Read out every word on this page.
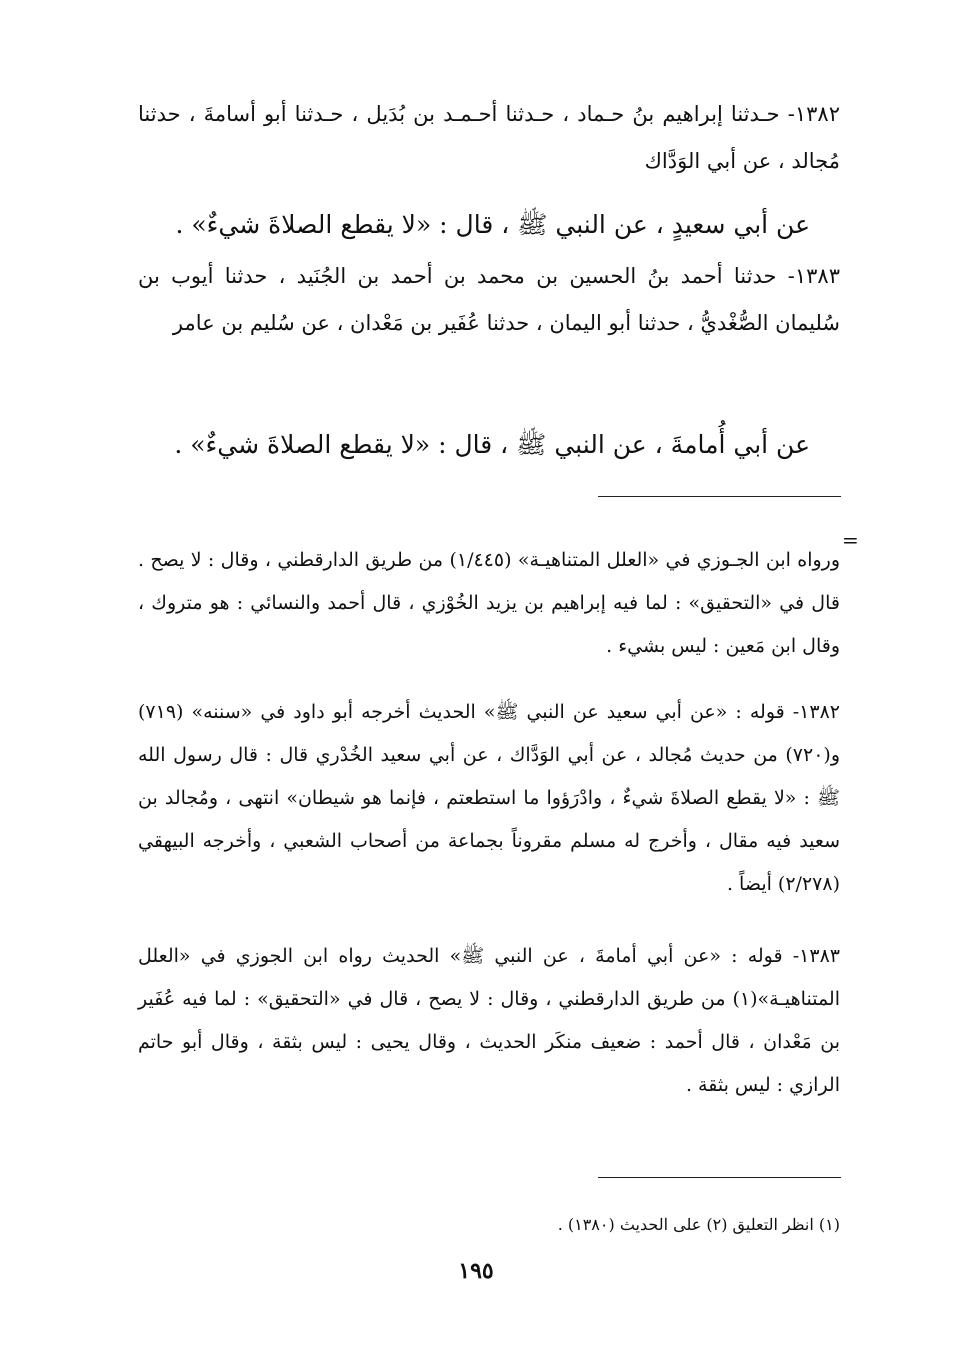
١٣٨٢- حـدثنا إبراهيم بنُ حـماد ، حـدثنا أحـمـد بن بُدَيل ، حـدثنا أبو أسامةَ ، حدثنا مُجالد ، عن أبي الوَدَّاك

عن أبي سعيدٍ ، عن النبي ﷺ ، قال : «لا يقطع الصلاةَ شيءٌ» .

١٣٨٣- حدثنا أحمد بنُ الحسين بن محمد بن أحمد بن الجُنَيد ، حدثنا أيوب بن سُليمان الصُّغْديُّ ، حدثنا أبو اليمان ، حدثنا عُفَير بن مَعْدان ، عن سُليم بن عامر

عن أبي أُمامةَ ، عن النبي ﷺ ، قال : «لا يقطع الصلاةَ شيءٌ» .

=

ورواه ابن الجـوزي في «العلل المتناهيـة» (١/٤٤٥) من طريق الدارقطني ، وقال : لا يصح . قال في «التحقيق» : لما فيه إبراهيم بن يزيد الخُوْزي ، قال أحمد والنسائي : هو متروك ، وقال ابن مَعين : ليس بشيء .

١٣٨٢- قوله : «عن أبي سعيد عن النبي ﷺ» الحديث أخرجه أبو داود في «سننه» (٧١٩) و(٧٢٠) من حديث مُجالد ، عن أبي الوَدَّاك ، عن أبي سعيد الخُدْري قال : قال رسول الله ﷺ : «لا يقطع الصلاةَ شيءٌ ، وادْرَؤوا ما استطعتم ، فإنما هو شيطان» انتهى ، ومُجالد بن سعيد فيه مقال ، وأخرج له مسلم مقروناً بجماعة من أصحاب الشعبي ، وأخرجه البيهقي (٢/٢٧٨) أيضاً .

١٣٨٣- قوله : «عن أبي أمامةَ ، عن النبي ﷺ» الحديث رواه ابن الجوزي في «العلل المتناهيـة»(١) من طريق الدارقطني ، وقال : لا يصح ، قال في «التحقيق» : لما فيه عُفَير بن مَعْدان ، قال أحمد : ضعيف منكَر الحديث ، وقال يحيى : ليس بثقة ، وقال أبو حاتم الرازي : ليس بثقة .

(١) انظر التعليق (٢) على الحديث (١٣٨٠) .

١٩٥
